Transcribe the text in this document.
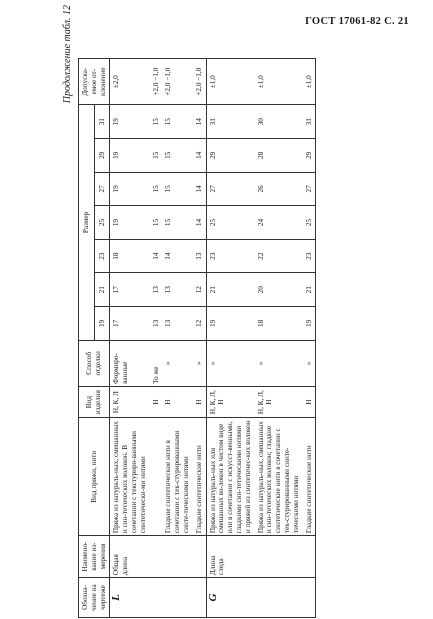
ГОСТ 17061-82 С. 21
Продолжение табл. 12
Обозна-чение на чертеже	Наимено-вание из-мерения	Вид пряжи, нити	Вид изделия	Способ отделки	Размер							Допуска-емое от-клонение
					19	21	23	25	27	29	31	
L	Общая длина	Пряжа из натураль-ных, смешанных и син-тетических волокон. В сочетании с текстуриро-ванными синтетически-ми нитями	Н, К, Л	Формиро-ванные	17	17	18	19	19	19	19	±2,0
			Н	То же	13	13	14	15	15	15	15	+2,0 −1,0
		Гладкие синтетические нити в сочетании с тек-стурированными синте-тическими нитями	Н	»	13	13	14	15	15	15	15	+2,0 −1,0
		Гладкие синтетические нити	Н	»	12	12	13	14	14	14	14	+2,0 −1,0
G	Длина следа	Пряжа из натураль-ных или смешанных во-локон в чистом виде или в сочетании с искусст-венными, гладкими син-тетическими нитями и пряжей из синтетичес-ких волокон	Н, К, Л, Н	»	19	21	23	25	27	29	31	±1,0
		Пряжа из натураль-ных, смешанных и син-тетических волокон; гладкие синтетические нити в сочетании с тек-стурированными синте-тическими нитями	Н, К, Л, Н	»	18	20	22	24	26	28	30	±1,0
		Гладкие синтетические нити	Н	»	19	21	23	25	27	29	31	±1,0
